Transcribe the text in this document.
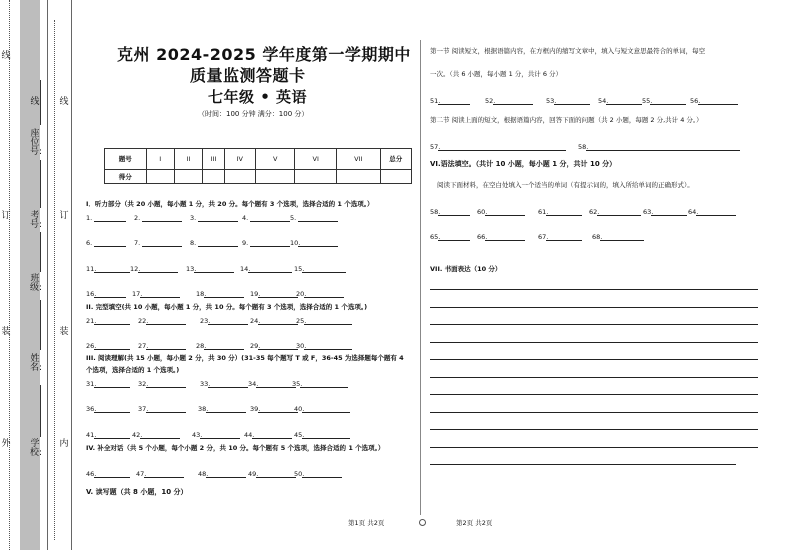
线
订
装
外
线
座位号:
考号:
班级:
姓名:
学校:
线
订
装
内
克州 2024-2025 学年度第一学期期中
质量监测答题卡
七年级 • 英语
（时间：100 分钟 满分：100 分）
题号	I	II	III	IV	V	VI	VII	总分
得分								
I．听力部分（共 20 小题，每小题 1 分，共 20 分。每个题有 3 个选项，选择合适的 1 个选项。）
1.	2.	3.	4.	5.
6.	7.	8.	9.	10.
11.	12.	13.	14.	15.
16.	17.	18.	19.	20.
21.	22.	23.	24.	25.
26.	27.	28.	29.	30.
31.	32.	33.	34.	35.
36.	37.	38.	39.	40.
41.	42.	43.	44.	45.
46.	47.	48.	49.	50.
II. 完型填空(共 10 小题，每小题 1 分，共 10 分。每个题有 3 个选项，选择合适的 1 个选项。)
III. 阅读理解(共 15 小题，每小题 2 分，共 30 分）(31-35 每个题写 T 或 F，36-45 为选择题每个题有 4
个选项，选择合适的 1 个选项。)
IV. 补全对话（共 5 个小题，每个小题 2 分，共 10 分。每个题有 5 个选项，选择合适的 1 个选项。）
V. 读写题（共 8 小题，10 分）
第一节 阅读短文，根据语篇内容，在方框内的缩写文章中，填入与短文意思最符合的单词，每空
一次。（共 6 小题，每小题 1 分，共计 6 分）
第二节 阅读上面的短文，根据语篇内容，回答下面的问题（共 2 小题，每题 2 分,共计 4 分。）
VI.语法填空。（共计 10 小题，每小题 1 分，共计 10 分）
阅读下面材料，在空白处填入一个适当的单词（有提示词的，填入所给单词的正确形式）。
VII. 书面表达（10 分）
51.	52.	53.	54.	55.	56.
57.	58.
58.	60.	61.	62.	63.	64.
65.	66.	67.	68.
第1页 共2页	第2页 共2页
